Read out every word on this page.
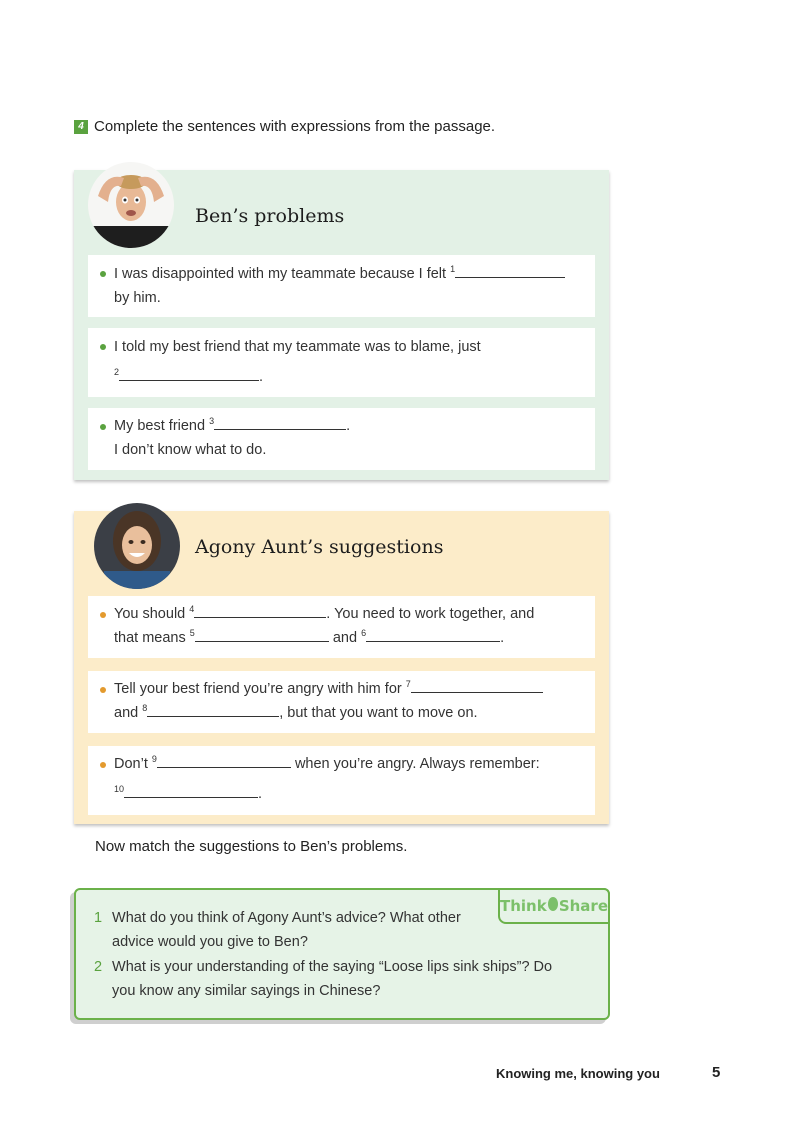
4 Complete the sentences with expressions from the passage.
Ben’s problems
I was disappointed with my teammate because I felt $^1$
by him.
I told my best friend that my teammate was to blame, just
$^2$	.
My best friend $^3$	.
I don’t know what to do.
Agony Aunt’s suggestions
You should $^4$	. You need to work together, and
that means $^5$	and $^6$	.
Tell your best friend you’re angry with him for $^7$
and $^8$	, but that you want to move on.
Don’t $^9$	when you’re angry. Always remember:
$^{10}$	.
Now match the suggestions to Ben’s problems.
Think Share
1 What do you think of Agony Aunt’s advice? What other
advice would you give to Ben?
2 What is your understanding of the saying “Loose lips sink ships”? Do
you know any similar sayings in Chinese?
Knowing me, knowing you	5
